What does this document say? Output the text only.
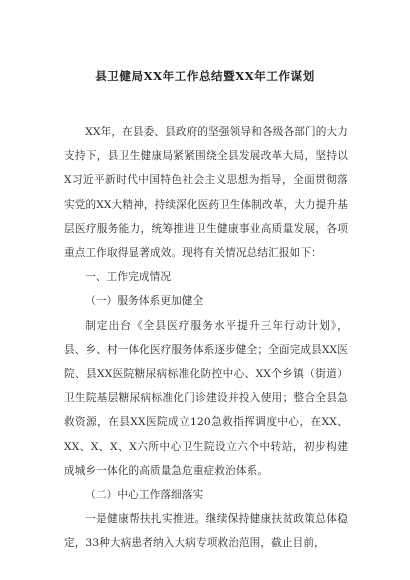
县卫健局XX年工作总结暨XX年工作谋划

XX年，在县委、县政府的坚强领导和各级各部门的大力支持下，县卫生健康局紧紧围绕全县发展改革大局，坚持以X习近平新时代中国特色社会主义思想为指导，全面贯彻落实党的XX大精神，持续深化医药卫生体制改革，大力提升基层医疗服务能力，统筹推进卫生健康事业高质量发展，各项重点工作取得显著成效。现将有关情况总结汇报如下：

一、工作完成情况

（一）服务体系更加健全

制定出台《全县医疗服务水平提升三年行动计划》，县、乡、村一体化医疗服务体系逐步健全；全面完成县XX医院、县XX医院糖尿病标准化防控中心、XX个乡镇（街道）卫生院基层糖尿病标准化门诊建设并投入使用；整合全县急救资源，在县XX医院成立120急救指挥调度中心，在XX、XX、X、X、X六所中心卫生院设立六个中转站，初步构建成城乡一体化的高质量急危重症救治体系。

（二）中心工作落细落实

一是健康帮扶扎实推进。继续保持健康扶贫政策总体稳定，33种大病患者纳入大病专项救治范围，截止目前，
